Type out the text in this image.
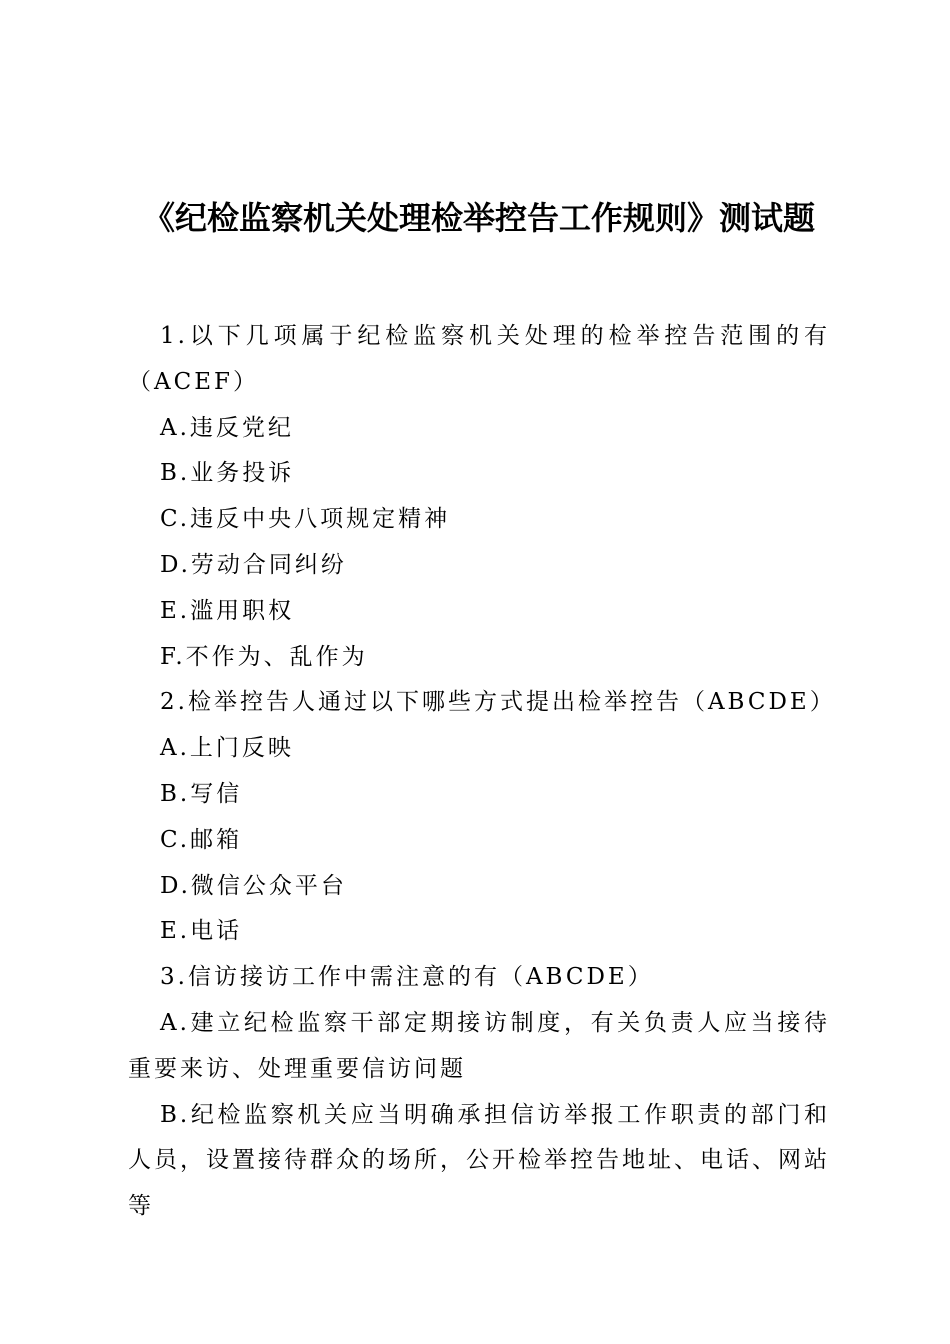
《纪检监察机关处理检举控告工作规则》测试题
1.以下几项属于纪检监察机关处理的检举控告范围的有（ACEF）
A.违反党纪
B.业务投诉
C.违反中央八项规定精神
D.劳动合同纠纷
E.滥用职权
F.不作为、乱作为
2.检举控告人通过以下哪些方式提出检举控告（ABCDE）
A.上门反映
B.写信
C.邮箱
D.微信公众平台
E.电话
3.信访接访工作中需注意的有（ABCDE）
A.建立纪检监察干部定期接访制度，有关负责人应当接待重要来访、处理重要信访问题
B.纪检监察机关应当明确承担信访举报工作职责的部门和人员，设置接待群众的场所，公开检举控告地址、电话、网站等
